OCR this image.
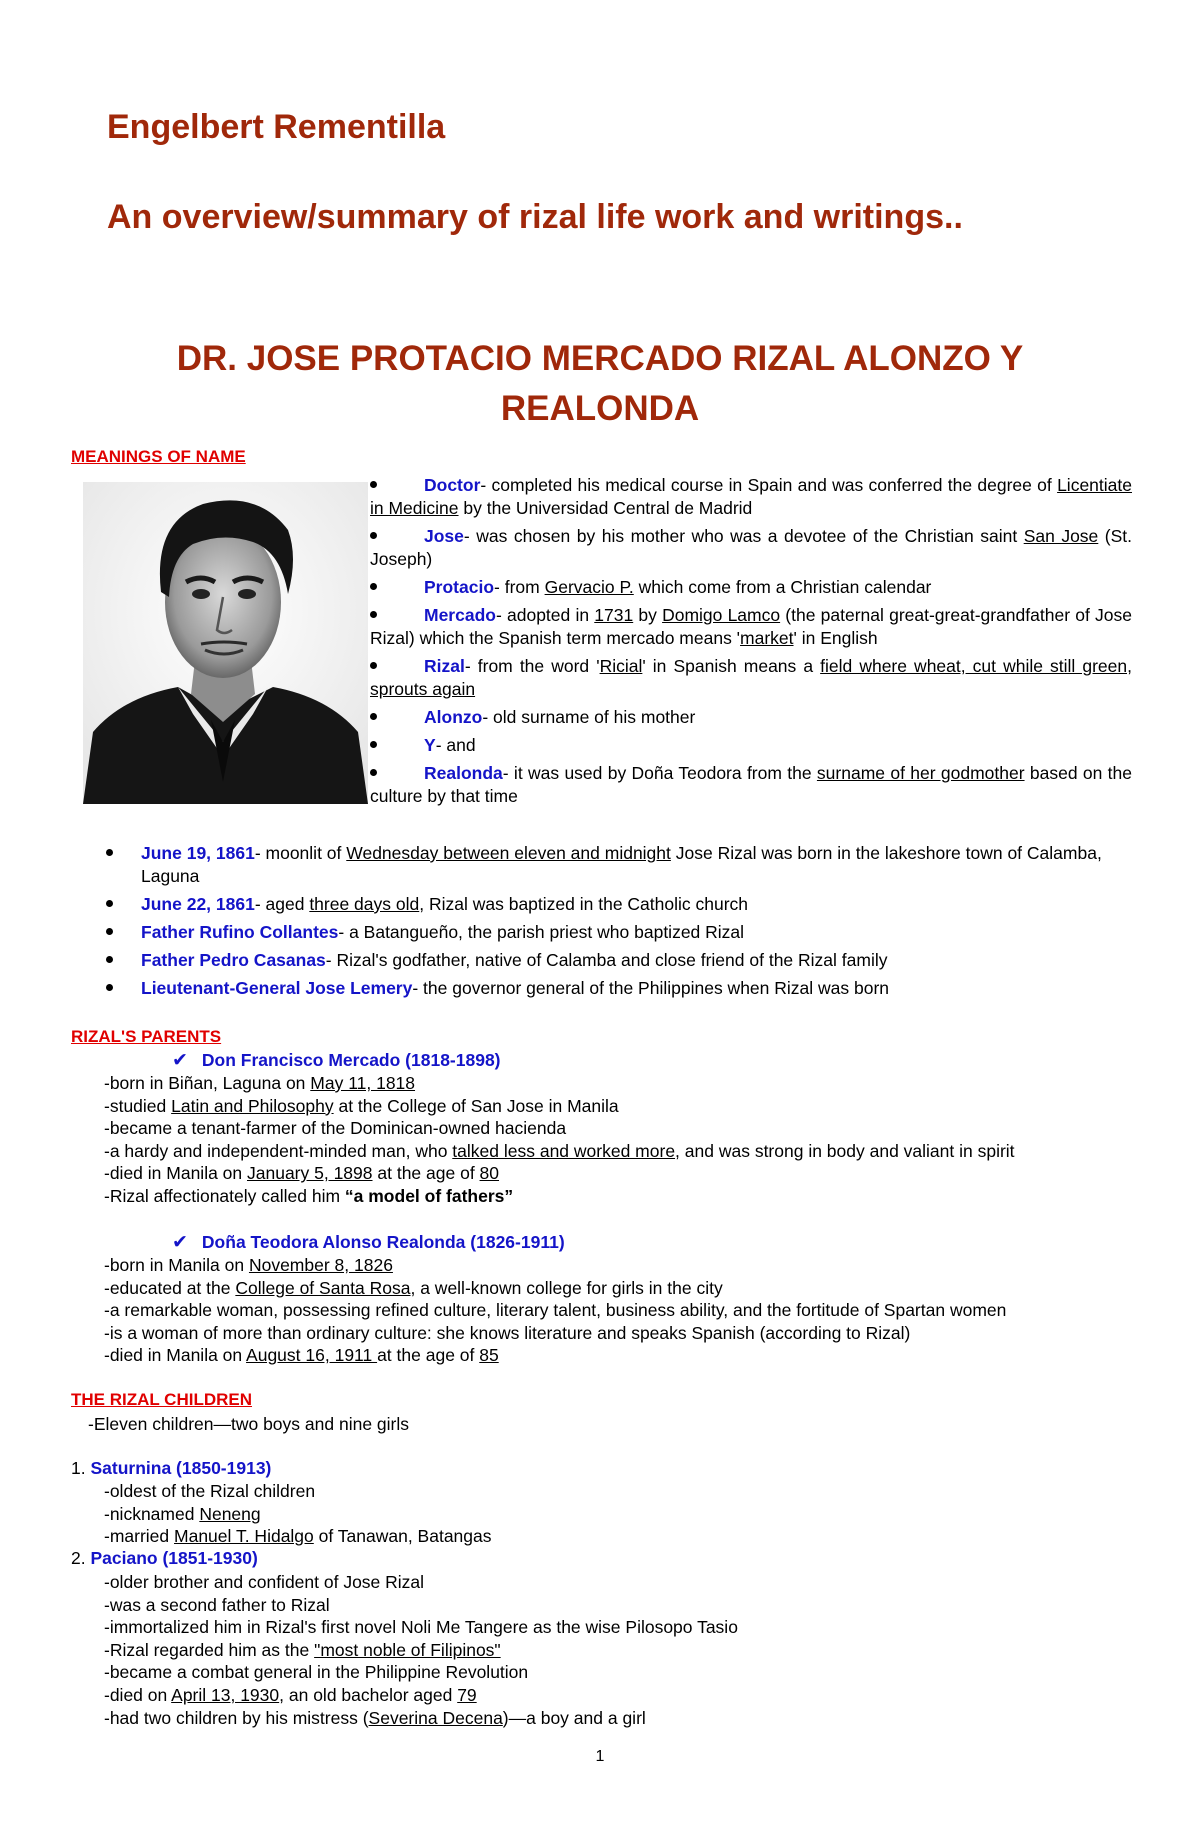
Engelbert Rementilla
An overview/summary of rizal life work and writings..
DR. JOSE PROTACIO MERCADO RIZAL ALONZO Y REALONDA
MEANINGS OF NAME
Doctor- completed his medical course in Spain and was conferred the degree of Licentiate in Medicine by the Universidad Central de Madrid
Jose- was chosen by his mother who was a devotee of the Christian saint San Jose (St. Joseph)
Protacio- from Gervacio P. which come from a Christian calendar
Mercado- adopted in 1731 by Domigo Lamco (the paternal great-great-grandfather of Jose Rizal) which the Spanish term mercado means 'market' in English
Rizal- from the word 'Ricial' in Spanish means a field where wheat, cut while still green, sprouts again
Alonzo- old surname of his mother
Y- and
Realonda- it was used by Doña Teodora from the surname of her godmother based on the culture by that time
June 19, 1861- moonlit of Wednesday between eleven and midnight Jose Rizal was born in the lakeshore town of Calamba, Laguna
June 22, 1861- aged three days old, Rizal was baptized in the Catholic church
Father Rufino Collantes- a Batangueño, the parish priest who baptized Rizal
Father Pedro Casanas- Rizal's godfather, native of Calamba and close friend of the Rizal family
Lieutenant-General Jose Lemery- the governor general of the Philippines when Rizal was born
RIZAL'S PARENTS
✔ Don Francisco Mercado (1818-1898)
-born in Biñan, Laguna on May 11, 1818
-studied Latin and Philosophy at the College of San Jose in Manila
-became a tenant-farmer of the Dominican-owned hacienda
-a hardy and independent-minded man, who talked less and worked more, and was strong in body and valiant in spirit
-died in Manila on January 5, 1898 at the age of 80
-Rizal affectionately called him “a model of fathers”
✔ Doña Teodora Alonso Realonda (1826-1911)
-born in Manila on November 8, 1826
-educated at the College of Santa Rosa, a well-known college for girls in the city
-a remarkable woman, possessing refined culture, literary talent, business ability, and the fortitude of Spartan women
-is a woman of more than ordinary culture: she knows literature and speaks Spanish (according to Rizal)
-died in Manila on August 16, 1911 at the age of 85
THE RIZAL CHILDREN
-Eleven children—two boys and nine girls
1. Saturnina (1850-1913)
-oldest of the Rizal children
-nicknamed Neneng
-married Manuel T. Hidalgo of Tanawan, Batangas
2. Paciano (1851-1930)
-older brother and confident of Jose Rizal
-was a second father to Rizal
-immortalized him in Rizal's first novel Noli Me Tangere as the wise Pilosopo Tasio
-Rizal regarded him as the "most noble of Filipinos"
-became a combat general in the Philippine Revolution
-died on April 13, 1930, an old bachelor aged 79
-had two children by his mistress (Severina Decena)—a boy and a girl
1
